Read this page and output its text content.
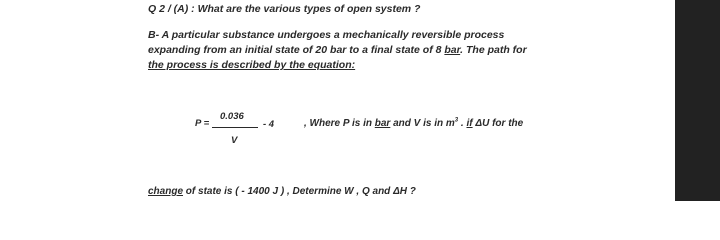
Q 2 / (A) : What are the various types of open system ?
B- A particular substance undergoes a mechanically reversible process
expanding from an initial state of 20 bar to a final state of 8 bar. The path for
the process is described by the equation:
P =
0.036
V
- 4	, Where P is in bar and V is in $m^3$ . if ΔU for the
change of state is ( - 1400 J ) , Determine W , Q and ΔH ?
